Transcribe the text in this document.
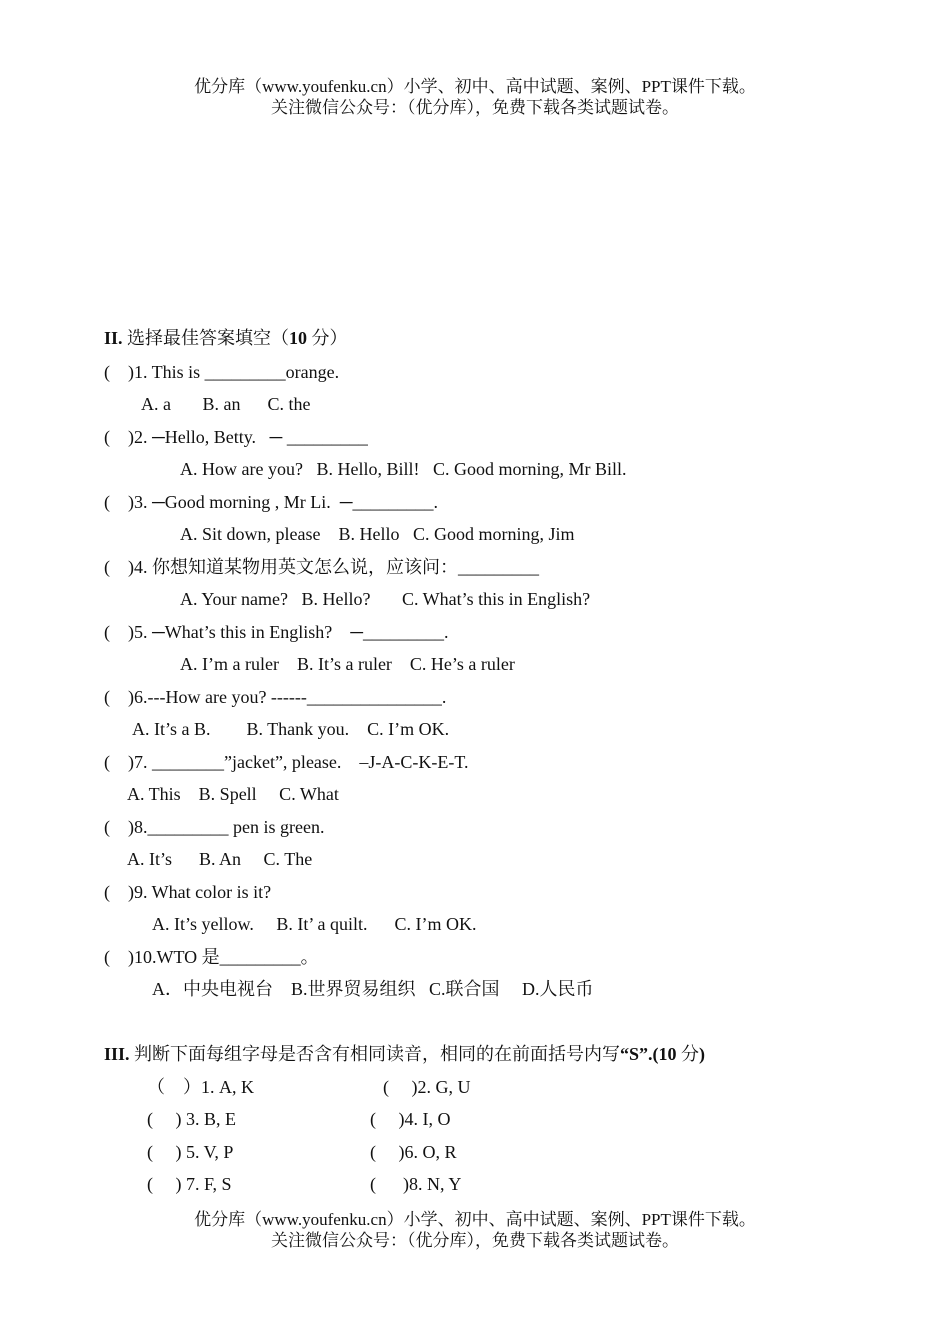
优分库（www.youfenku.cn）小学、初中、高中试题、案例、PPT课件下载。
关注微信公众号：（优分库），免费下载各类试题试卷。
II. 选择最佳答案填空（10 分）
(    )1. This is _________orange.
A. a       B. an      C. the
(    )2. ─Hello, Betty.   ─ _________
A. How are you?   B. Hello, Bill!   C. Good morning, Mr Bill.
(    )3. ─Good morning , Mr Li.  ─_________.
A. Sit down, please    B. Hello   C. Good morning, Jim
(    )4. 你想知道某物用英文怎么说，应该问：_________
A. Your name?   B. Hello?       C. What’s this in English?
(    )5. ─What’s this in English?    ─_________.
A. I’m a ruler    B. It’s a ruler    C. He’s a ruler
(    )6.---How are you? ------_______________.
A. It’s a B.        B. Thank you.    C. I’m OK.
(    )7. ________”jacket”, please.    –J-A-C-K-E-T.
A. This    B. Spell     C. What
(    )8._________ pen is green.
A. It’s      B. An     C. The
(    )9. What color is it?
A. It’s yellow.     B. It’ a quilt.      C. I’m OK.
(    )10.WTO 是_________。
A．中央电视台    B.世界贸易组织   C.联合国     D.人民币
III. 判断下面每组字母是否含有相同读音，相同的在前面括号内写“S”.(10 分)
（    ）1. A, K	(     )2. G, U
(     ) 3. B, E	(     )4. I, O
(     ) 5. V, P	(     )6. O, R
(     ) 7. F, S	(      )8. N, Y
优分库（www.youfenku.cn）小学、初中、高中试题、案例、PPT课件下载。
关注微信公众号：（优分库），免费下载各类试题试卷。
